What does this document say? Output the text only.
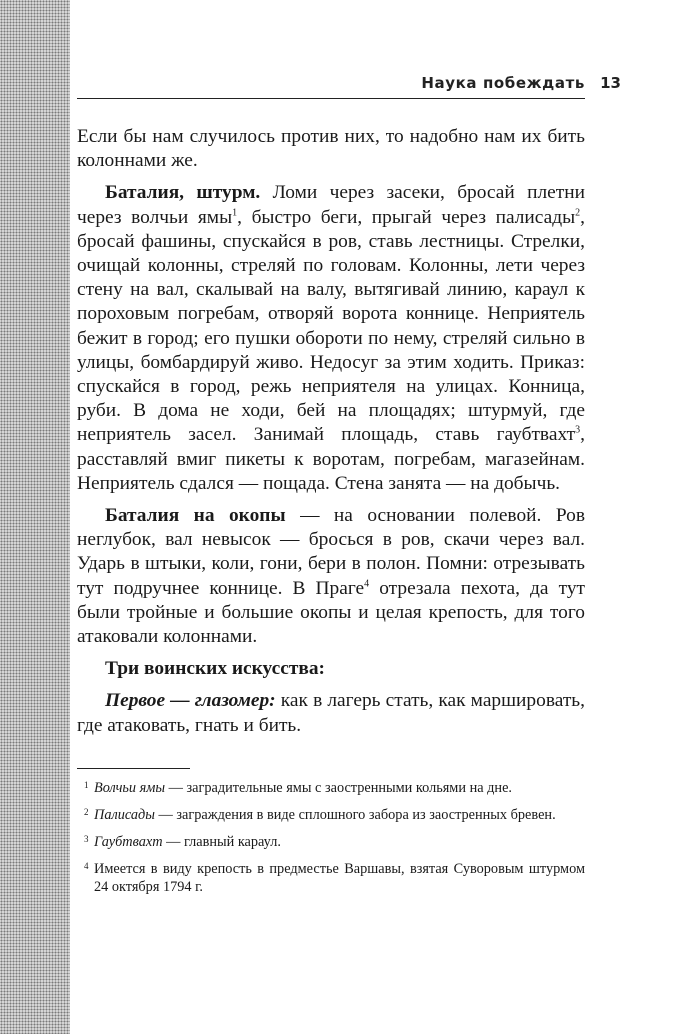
Наука побеждать 13

Если бы нам случилось против них, то надобно нам их бить колоннами же.

Баталия, штурм. Ломи через засеки, бросай плетни через волчьи ямы$^1$, быстро беги, прыгай через палисады$^2$, бросай фашины, спускайся в ров, ставь лестницы. Стрелки, очищай колонны, стреляй по головам. Колонны, лети через стену на вал, скалывай на валу, вытягивай линию, караул к пороховым погребам, отворяй ворота коннице. Неприятель бежит в город; его пушки обороти по нему, стреляй сильно в улицы, бомбардируй живо. Недосуг за этим ходить. Приказ: спускайся в город, режь неприятеля на улицах. Конница, руби. В дома не ходи, бей на площадях; штурмуй, где неприятель засел. Занимай площадь, ставь гаубтвахт$^3$, расставляй вмиг пикеты к воротам, погребам, магазейнам. Неприятель сдался — пощада. Стена занята — на добычь.

Баталия на окопы — на основании полевой. Ров неглубок, вал невысок — бросься в ров, скачи через вал. Ударь в штыки, коли, гони, бери в полон. Помни: отрезывать тут подручнее коннице. В Праге$^4$ отрезала пехота, да тут были тройные и большие окопы и целая крепость, для того атаковали колоннами.

Три воинских искусства:

Первое — глазомер: как в лагерь стать, как маршировать, где атаковать, гнать и бить.

1 Волчьи ямы — заградительные ямы с заостренными кольями на дне.

2 Палисады — заграждения в виде сплошного забора из заостренных бревен.

3 Гаубтвахт — главный караул.

4 Имеется в виду крепость в предместье Варшавы, взятая Суворовым штурмом 24 октября 1794 г.
